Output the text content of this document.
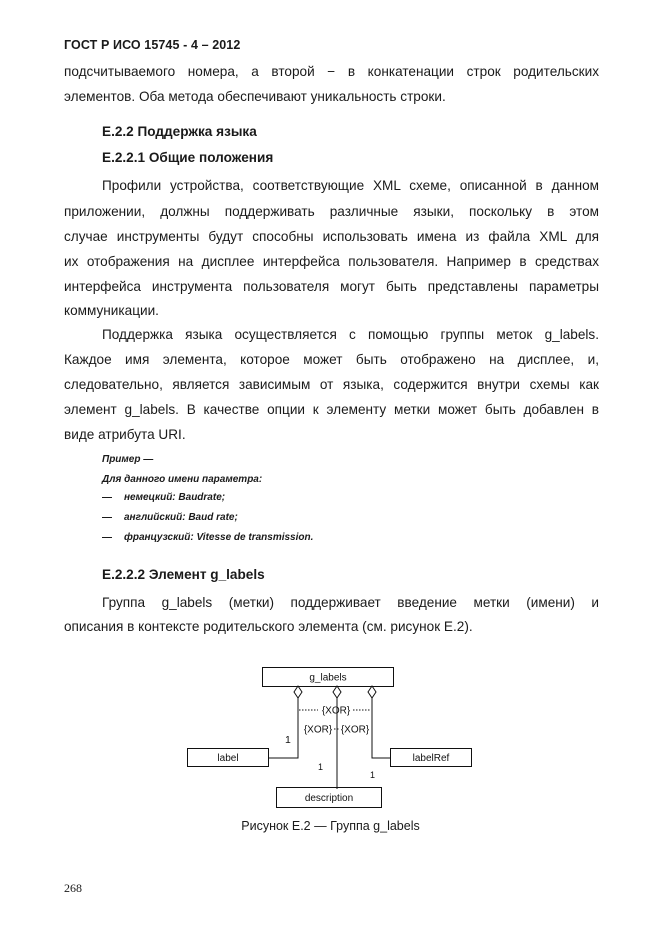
ГОСТ Р ИСО 15745 - 4 – 2012
подсчитываемого номера, а второй − в конкатенации строк родительских
элементов. Оба метода обеспечивают уникальность строки.
Е.2.2 Поддержка языка
Е.2.2.1 Общие положения
Профили устройства, соответствующие XML схеме, описанной в данном
приложении, должны поддерживать различные языки, поскольку в этом
случае инструменты будут способны использовать имена из файла XML для
их отображения на дисплее интерфейса пользователя. Например в средствах
интерфейса инструмента пользователя могут быть представлены параметры
коммуникации.
Поддержка языка осуществляется с помощью группы меток g_labels.
Каждое имя элемента, которое может быть отображено на дисплее, и,
следовательно, является зависимым от языка, содержится внутри схемы как
элемент g_labels. В качестве опции к элементу метки может быть добавлен в
виде атрибута URI.
Пример —
Для данного имени параметра:
— немецкий: Baudrate;
— английский: Baud rate;
— французский: Vitesse de transmission.
Е.2.2.2 Элемент g_labels
Группа g_labels (метки) поддерживает введение метки (имени) и
описания в контексте родительского элемента (см. рисунок Е.2).
g_labels
{XOR}
{XOR} {XOR}
1
1
1
label	labelRef
description
Рисунок Е.2 — Группа g_labels
268
